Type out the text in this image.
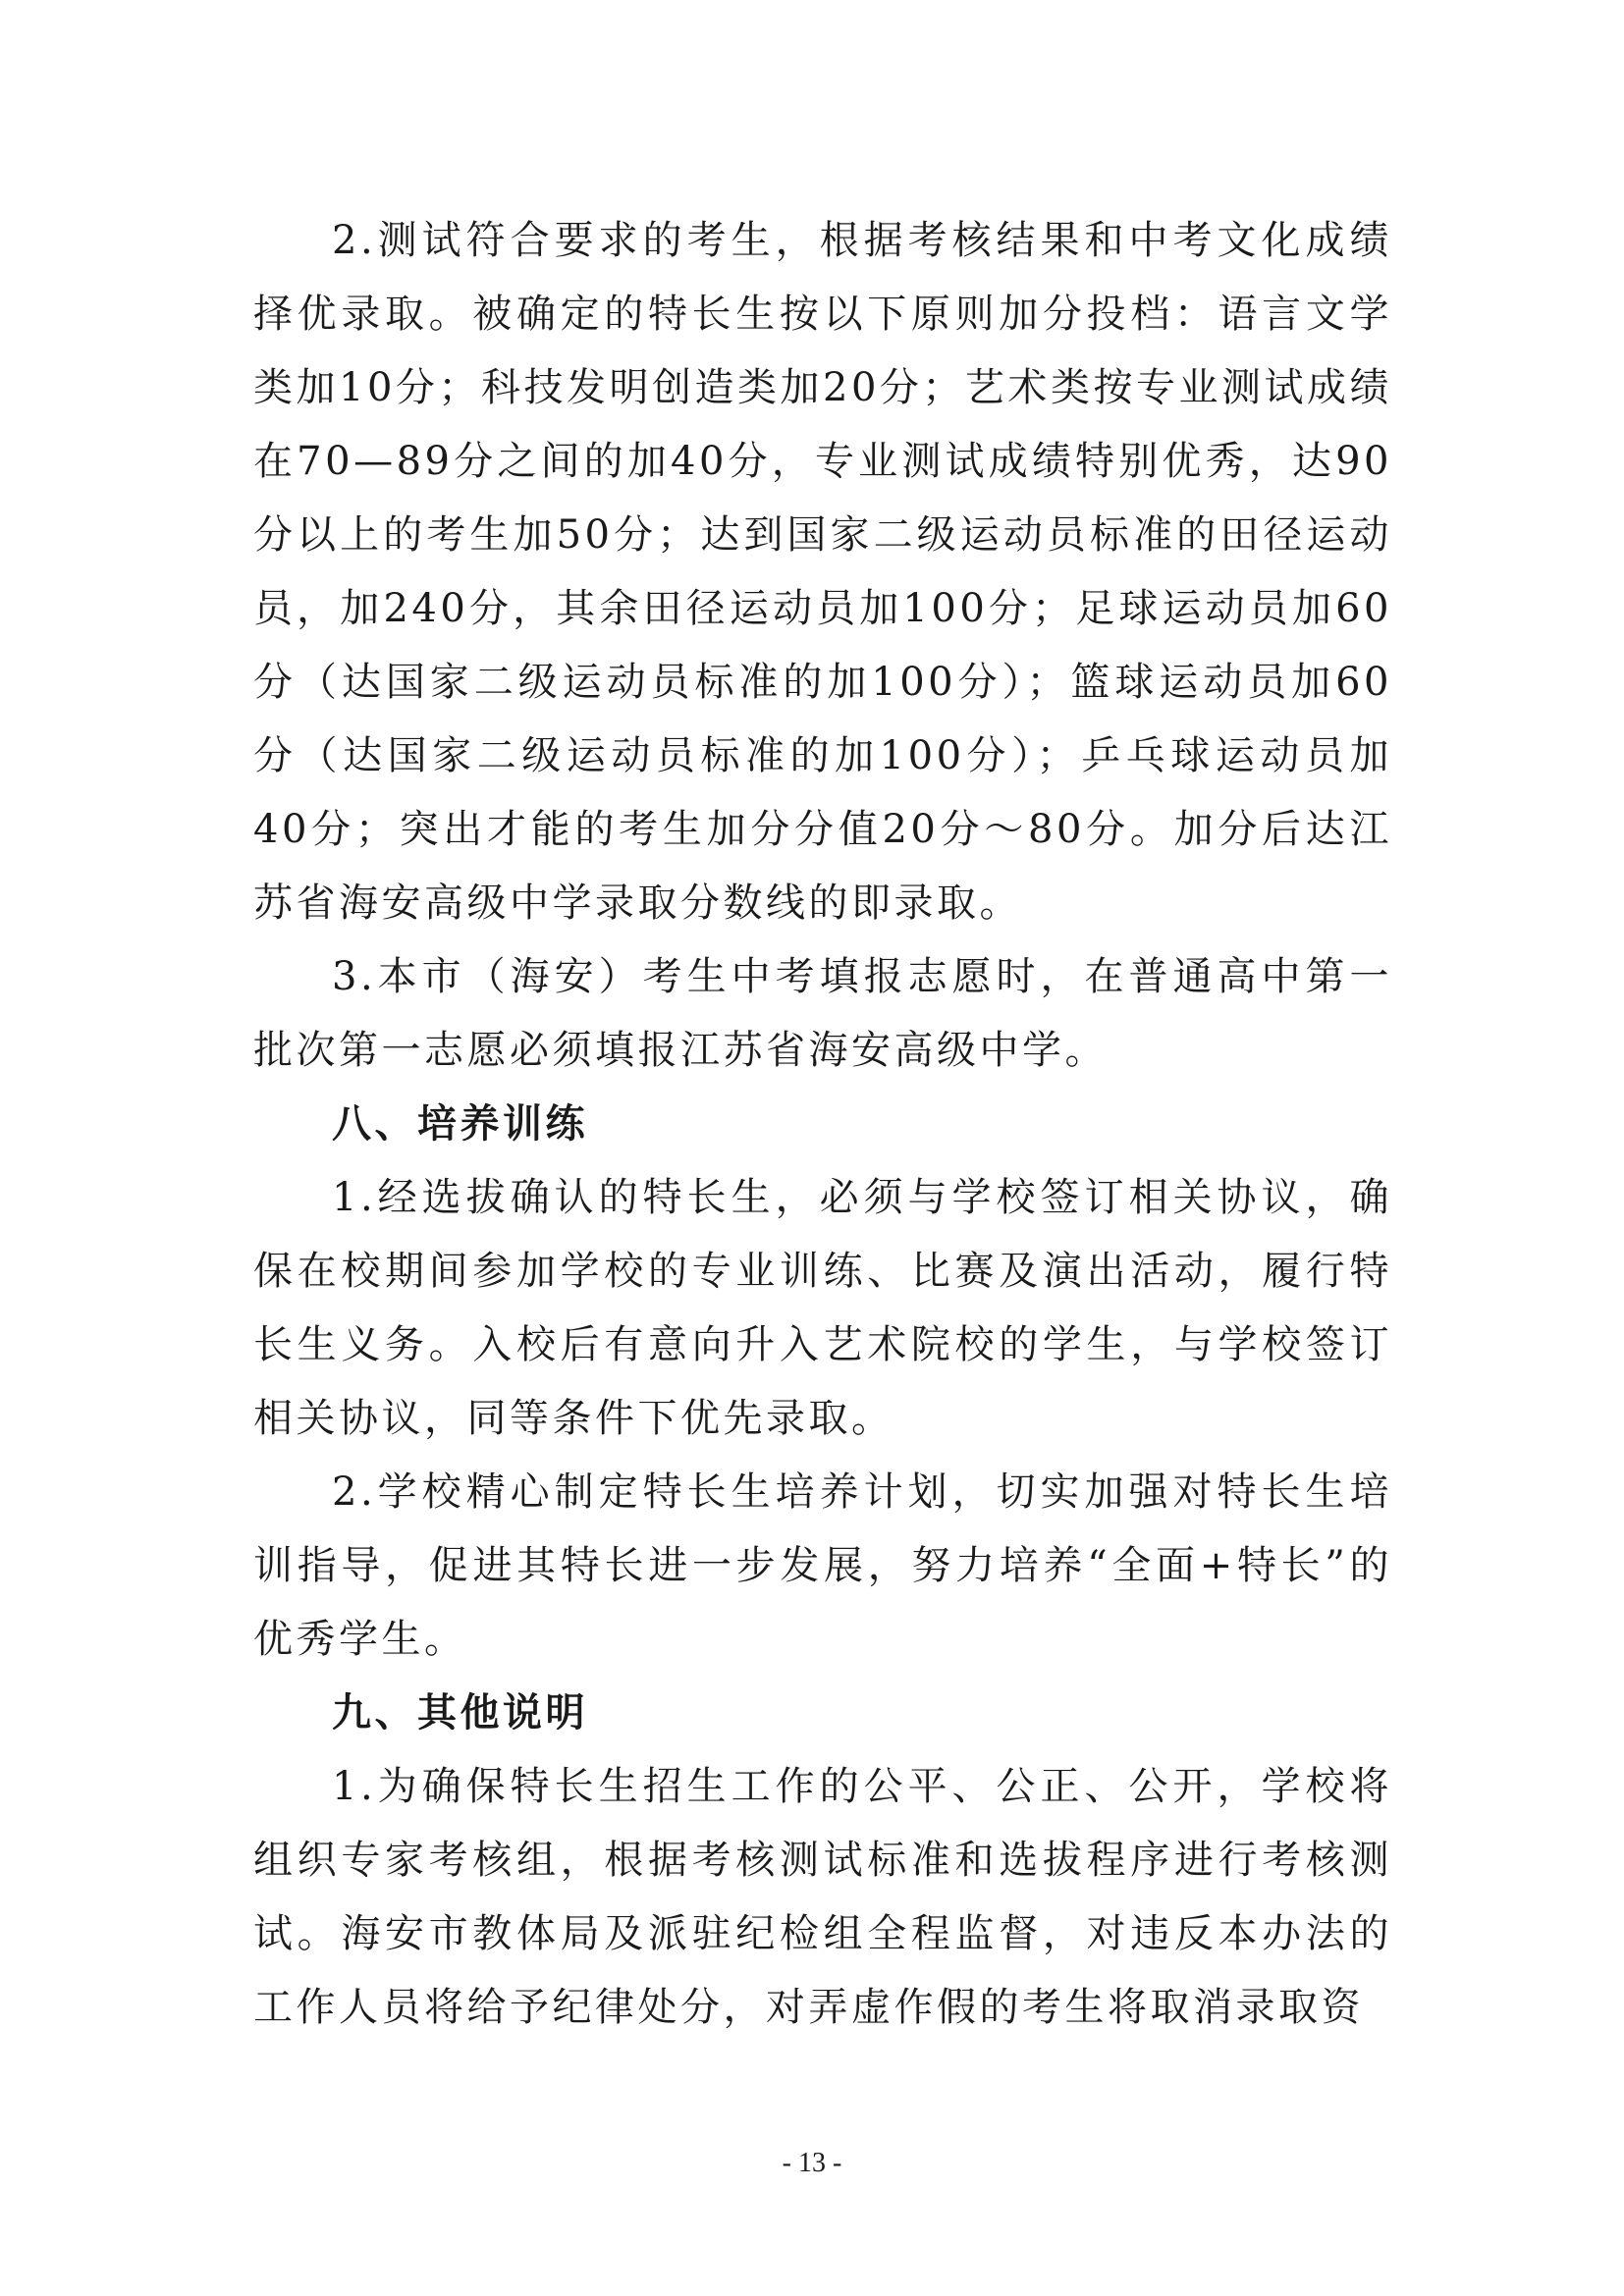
2.测试符合要求的考生，根据考核结果和中考文化成绩择优录取。被确定的特长生按以下原则加分投档：语言文学类加10分；科技发明创造类加20分；艺术类按专业测试成绩在70—89分之间的加40分，专业测试成绩特别优秀，达90分以上的考生加50分；达到国家二级运动员标准的田径运动员，加240分，其余田径运动员加100分；足球运动员加60分（达国家二级运动员标准的加100分）；篮球运动员加60分（达国家二级运动员标准的加100分）；乒乓球运动员加40分；突出才能的考生加分分值20分～80分。加分后达江苏省海安高级中学录取分数线的即录取。

3.本市（海安）考生中考填报志愿时，在普通高中第一批次第一志愿必须填报江苏省海安高级中学。

八、培养训练

1.经选拔确认的特长生，必须与学校签订相关协议，确保在校期间参加学校的专业训练、比赛及演出活动，履行特长生义务。入校后有意向升入艺术院校的学生，与学校签订相关协议，同等条件下优先录取。

2.学校精心制定特长生培养计划，切实加强对特长生培训指导，促进其特长进一步发展，努力培养“全面+特长”的优秀学生。

九、其他说明

1.为确保特长生招生工作的公平、公正、公开，学校将组织专家考核组，根据考核测试标准和选拔程序进行考核测试。海安市教体局及派驻纪检组全程监督，对违反本办法的工作人员将给予纪律处分，对弄虚作假的考生将取消录取资

- 13 -
